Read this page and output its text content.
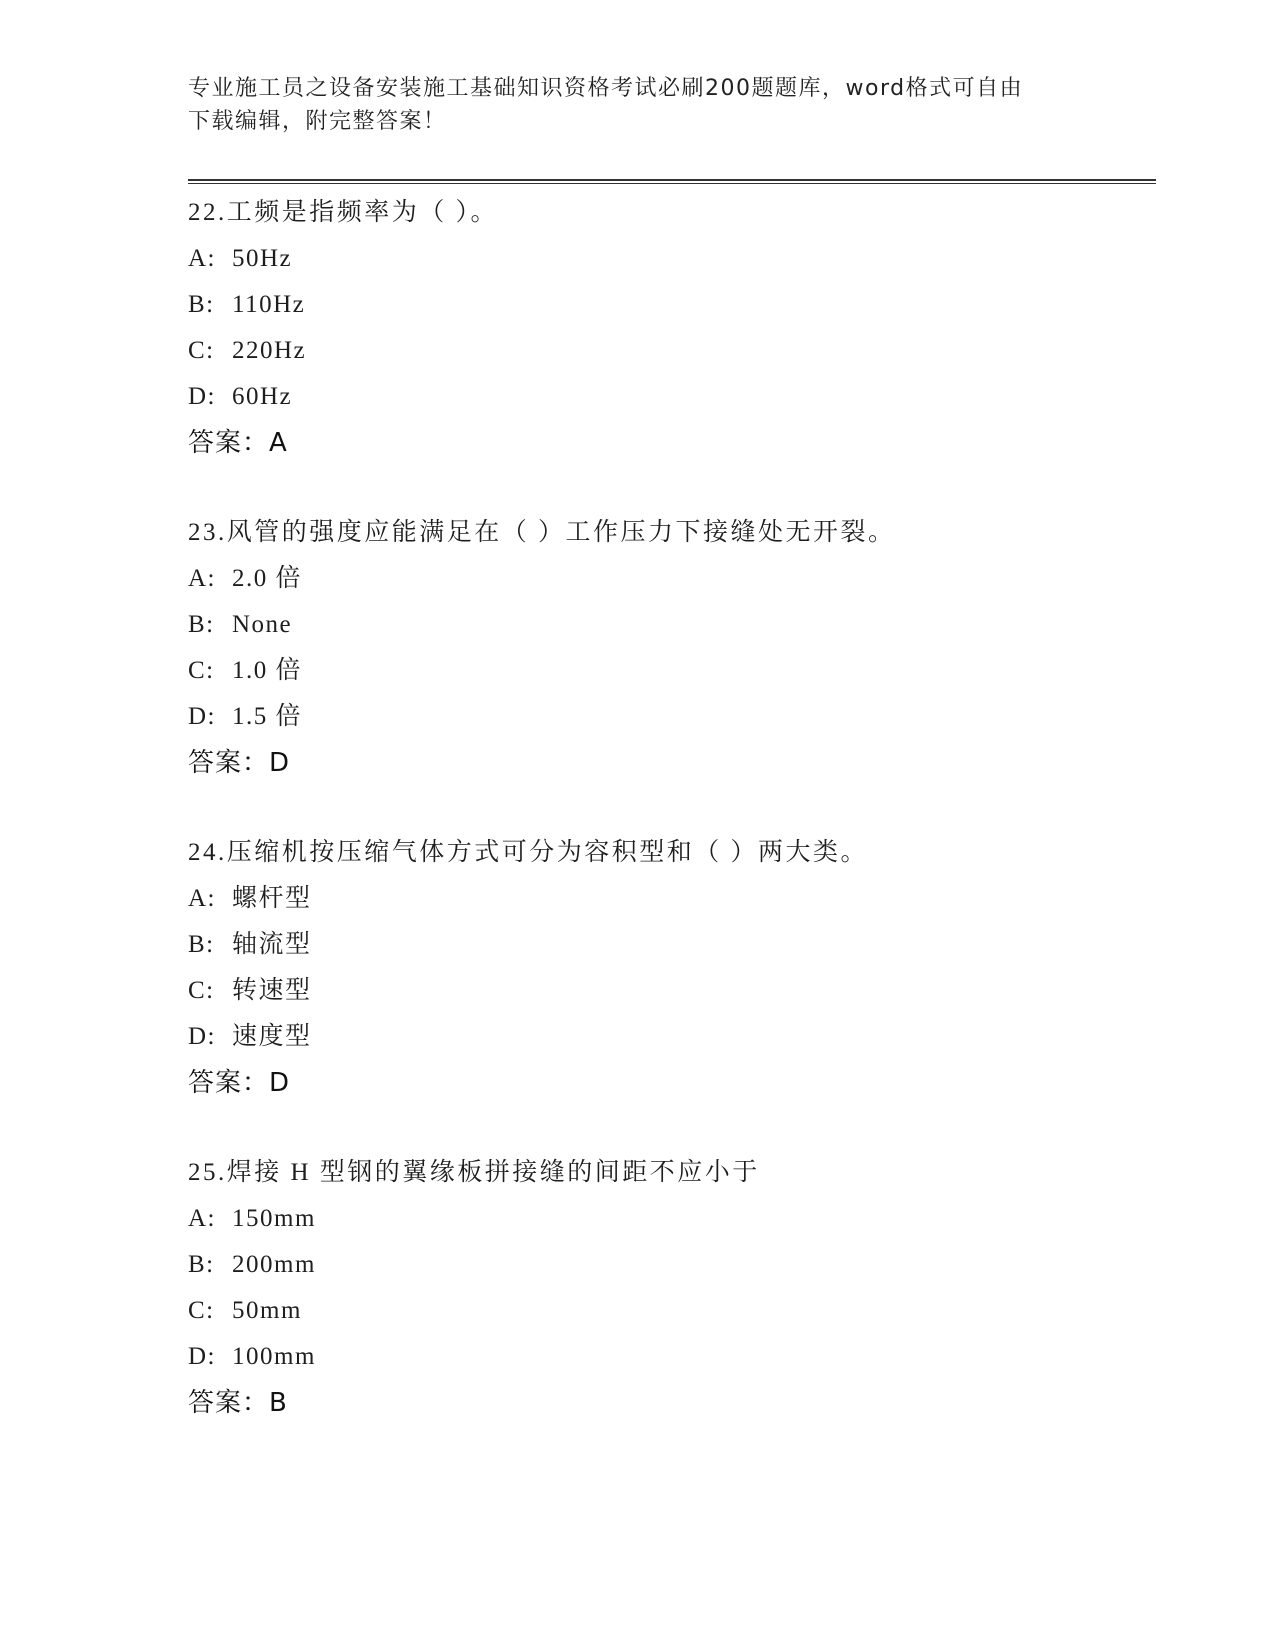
专业施工员之设备安装施工基础知识资格考试必刷200题题库，word格式可自由
下载编辑，附完整答案！
22.工频是指频率为（ ）。
A: 50Hz
B: 110Hz
C: 220Hz
D: 60Hz
答案：A
23.风管的强度应能满足在（ ）工作压力下接缝处无开裂。
A: 2.0 倍
B: None
C: 1.0 倍
D: 1.5 倍
答案：D
24.压缩机按压缩气体方式可分为容积型和（ ）两大类。
A: 螺杆型
B: 轴流型
C: 转速型
D: 速度型
答案：D
25.焊接 H 型钢的翼缘板拼接缝的间距不应小于
A: 150mm
B: 200mm
C: 50mm
D: 100mm
答案：B
